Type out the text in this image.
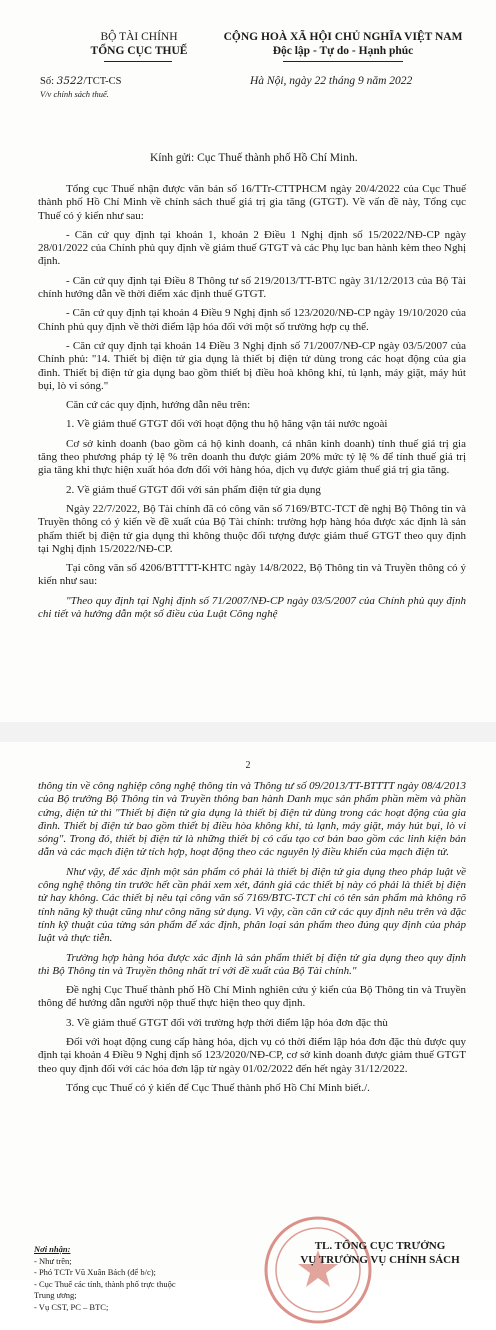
BỘ TÀI CHÍNH
TỔNG CỤC THUẾ
CỘNG HOÀ XÃ HỘI CHỦ NGHĨA VIỆT NAM
Độc lập - Tự do - Hạnh phúc
Số: 3522/TCT-CS
V/v chính sách thuế.
Hà Nội, ngày 22 tháng 9 năm 2022
Kính gửi: Cục Thuế thành phố Hồ Chí Minh.

Tổng cục Thuế nhận được văn bản số 16/TTr-CTTPHCM ngày 20/4/2022 của Cục Thuế thành phố Hồ Chí Minh về chính sách thuế giá trị gia tăng (GTGT). Về vấn đề này, Tổng cục Thuế có ý kiến như sau:

- Căn cứ quy định tại khoản 1, khoản 2 Điều 1 Nghị định số 15/2022/NĐ-CP ngày 28/01/2022 của Chính phủ quy định về giảm thuế GTGT và các Phụ lục ban hành kèm theo Nghị định.

- Căn cứ quy định tại Điều 8 Thông tư số 219/2013/TT-BTC ngày 31/12/2013 của Bộ Tài chính hướng dẫn về thời điểm xác định thuế GTGT.

- Căn cứ quy định tại khoản 4 Điều 9 Nghị định số 123/2020/NĐ-CP ngày 19/10/2020 của Chính phủ quy định về thời điểm lập hóa đối với một số trường hợp cụ thể.

- Căn cứ quy định tại khoản 14 Điều 3 Nghị định số 71/2007/NĐ-CP ngày 03/5/2007 của Chính phủ: "14. Thiết bị điện tử gia dụng là thiết bị điện tử dùng trong các hoạt động của gia đình. Thiết bị điện tử gia dụng bao gồm thiết bị điều hoà không khí, tủ lạnh, máy giặt, máy hút bụi, lò vi sóng."

Căn cứ các quy định, hướng dẫn nêu trên:

1. Về giảm thuế GTGT đối với hoạt động thu hộ hãng vận tải nước ngoài

Cơ sở kinh doanh (bao gồm cả hộ kinh doanh, cá nhân kinh doanh) tính thuế giá trị gia tăng theo phương pháp tỷ lệ % trên doanh thu được giảm 20% mức tỷ lệ % để tính thuế giá trị gia tăng khi thực hiện xuất hóa đơn đối với hàng hóa, dịch vụ được giảm thuế giá trị gia tăng.

2. Về giảm thuế GTGT đối với sản phẩm điện tử gia dụng

Ngày 22/7/2022, Bộ Tài chính đã có công văn số 7169/BTC-TCT đề nghị Bộ Thông tin và Truyền thông có ý kiến về đề xuất của Bộ Tài chính: trường hợp hàng hóa được xác định là sản phẩm thiết bị điện tử gia dụng thì không thuộc đối tượng được giảm thuế GTGT theo quy định tại Nghị định 15/2022/NĐ-CP.

Tại công văn số 4206/BTTTT-KHTC ngày 14/8/2022, Bộ Thông tin và Truyền thông có ý kiến như sau:

"Theo quy định tại Nghị định số 71/2007/NĐ-CP ngày 03/5/2007 của Chính phủ quy định chi tiết và hướng dẫn một số điều của Luật Công nghệ

2

thông tin về công nghiệp công nghệ thông tin và Thông tư số 09/2013/TT-BTTTT ngày 08/4/2013 của Bộ trưởng Bộ Thông tin và Truyền thông ban hành Danh mục sản phẩm phần mềm và phần cứng, điện tử thì "Thiết bị điện tử gia dụng là thiết bị điện tử dùng trong các hoạt động của gia đình. Thiết bị điện tử bao gồm thiết bị điều hòa không khí, tủ lạnh, máy giặt, máy hút bụi, lò vi sóng". Trong đó, thiết bị điện tử là những thiết bị có cấu tạo cơ bản bao gồm các linh kiện bán dẫn và các mạch điện tử tích hợp, hoạt động theo các nguyên lý điều khiển của mạch điện tử.

Như vậy, để xác định một sản phẩm có phải là thiết bị điện tử gia dụng theo pháp luật về công nghệ thông tin trước hết cần phải xem xét, đánh giá các thiết bị này có phải là thiết bị điện tử hay không. Các thiết bị nêu tại công văn số 7169/BTC-TCT chỉ có tên sản phẩm mà không rõ tính năng kỹ thuật cũng như công năng sử dụng. Vì vậy, cần căn cứ các quy định nêu trên và đặc tính kỹ thuật của từng sản phẩm để xác định, phân loại sản phẩm theo đúng quy định của pháp luật và thực tiễn.

Trường hợp hàng hóa được xác định là sản phẩm thiết bị điện tử gia dụng theo quy định thì Bộ Thông tin và Truyền thông nhất trí với đề xuất của Bộ Tài chính."

Đề nghị Cục Thuế thành phố Hồ Chí Minh nghiên cứu ý kiến của Bộ Thông tin và Truyền thông để hướng dẫn người nộp thuế thực hiện theo quy định.

3. Về giảm thuế GTGT đối với trường hợp thời điểm lập hóa đơn đặc thù

Đối với hoạt động cung cấp hàng hóa, dịch vụ có thời điểm lập hóa đơn đặc thù được quy định tại khoản 4 Điều 9 Nghị định số 123/2020/NĐ-CP, cơ sở kinh doanh được giảm thuế GTGT theo quy định đối với các hóa đơn lập từ ngày 01/02/2022 đến hết ngày 31/12/2022.

Tổng cục Thuế có ý kiến để Cục Thuế thành phố Hồ Chí Minh biết./.

Nơi nhận:
- Như trên;
- Phó TCTr Vũ Xuân Bách (để b/c);
- Cục Thuế các tỉnh, thành phố trực thuộc
Trung ương;
- Vụ CST, PC – BTC;
TL. TỔNG CỤC TRƯỞNG
VỤ TRƯỞNG VỤ CHÍNH SÁCH
